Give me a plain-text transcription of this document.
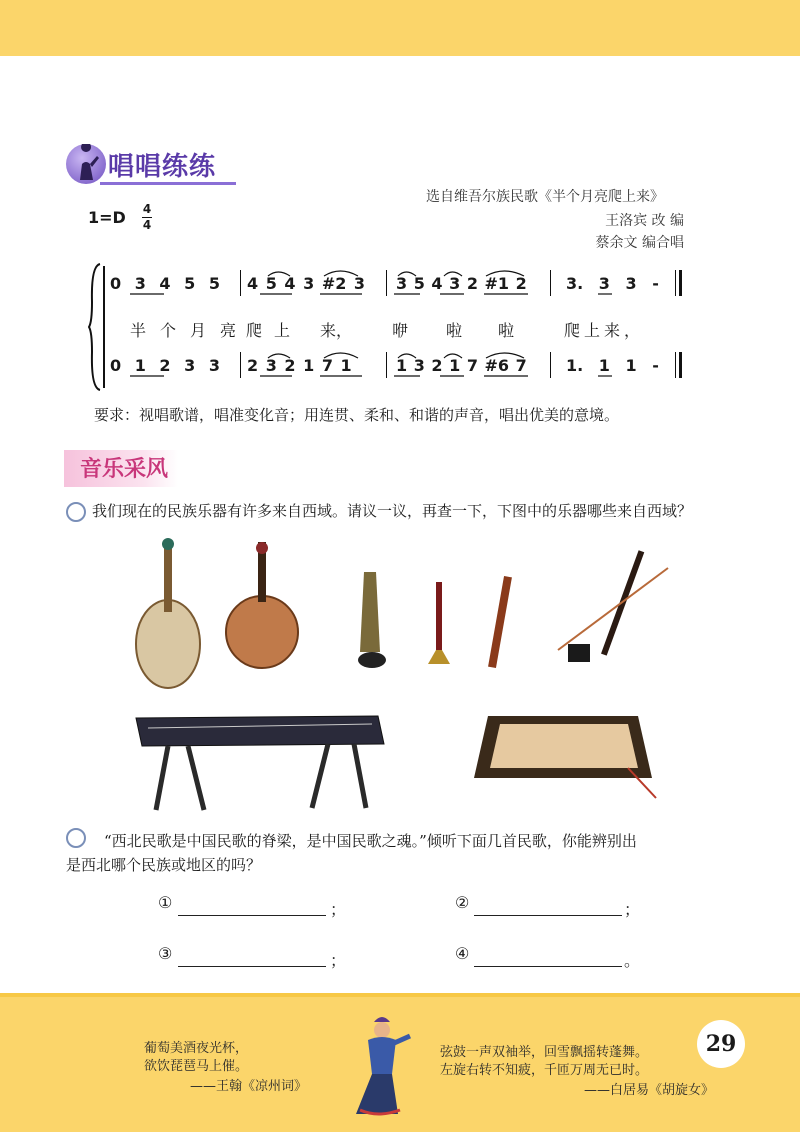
唱唱练练
选自维吾尔族民歌《半个月亮爬上来》
王洛宾 改 编
蔡余文 编合唱
1=D 4
4
0 3 4 5 5	4 5 4 3 #2 3	3 5 4 3 2 #1 2	3. 3 3 -
半个月亮
爬上 来， 咿 啦 啦	爬上来，
0 1 2 3 3	2 3 2 1 7 1	1 3 2 1 7 #6 7	1. 1 1 -
要求：视唱歌谱，唱准变化音；用连贯、柔和、和谐的声音，唱出优美的意境。
音乐采风
我们现在的民族乐器有许多来自西域。请议一议，再查一下，下图中的乐器哪些来自西域？
“西北民歌是中国民歌的脊梁，是中国民歌之魂。”倾听下面几首民歌，你能辨别出
是西北哪个民族或地区的吗？
①	；	②	；
③	；	④	。
葡萄美酒夜光杯，
欲饮琵琶马上催。
——王翰《凉州词》
弦鼓一声双袖举，回雪飘摇转蓬舞。
左旋右转不知疲，千匝万周无已时。
——白居易《胡旋女》
29
